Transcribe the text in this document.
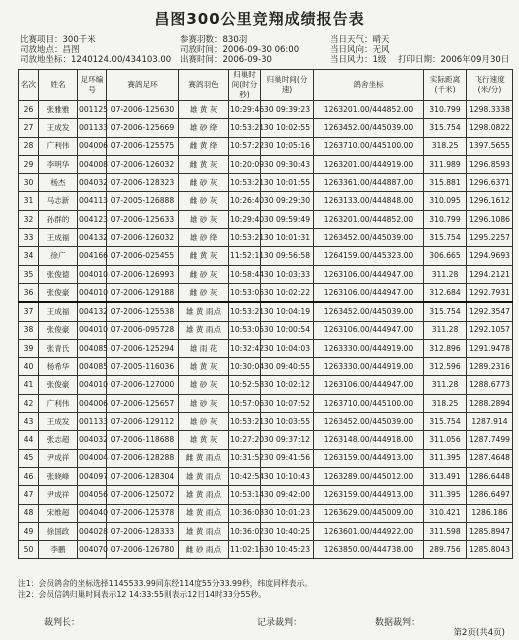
昌图300公里竞翔成绩报告表
比赛项目：300千米
司放地点：昌图
司放地坐标：1240124.00/434103.00
参赛羽数：830羽
司放时间：2006-09-30 06:00
出赛时间：2006-09-30
当日天气：晴天
当日风向：无风
当日风力：1级 打印日期：2006年09月30日
名次	姓名	足环编号	赛鸽足环	赛鸽羽色	归巢时间(时分秒)	归巢时间(分速)	鸽舍坐标	实际距离(千米)	飞行速度(米/分)
26	张雅雅	001125	07-2006-125630	雄 黄 灰	10:29:46	30 09:39:23	1263201.00/444852.00	310.799	1298.3338
27	王成发	001133	07-2006-125669	雄 砂 绛	10:53:21	30 10:02:55	1263452.00/445039.00	315.754	1298.0822
28	广利伟	004006	07-2006-125575	雌 黄 绛	10:57:22	30 10:05:16	1263710.00/445100.00	318.25	1397.5655
29	李明华	004008	07-2006-126032	雌 黄 灰	10:20:09	30 09:30:43	1263201.00/444919.00	311.989	1296.8593
30	杨杰	004032	07-2006-128323	雌 砂 灰	10:53:21	30 10:01:55	1263361.00/444887.00	315.881	1296.6371
31	马志新	004113	07-2005-126888	雌 砂 灰	10:26:40	30 09:29:30	1263133.00/444848.00	310.095	1296.1612
32	孙群的	004123	07-2006-125633	雄 砂 灰	10:29:40	30 09:59:49	1263201.00/444852.00	310.799	1296.1086
33	王成福	004132	07-2006-126032	雄 砂 绛	10:53:21	30 10:01:31	1263452.00/445039.00	315.754	1295.2257
34	徐广	004166	07-2006-025455	雌 黄 灰	11:52:11	30 09:56:58	1264159.00/445323.00	306.665	1294.9693
35	张俊德	004010	07-2006-126993	雌 砂 灰	10:58:44	30 10:03:33	1263106.00/444947.00	311.28	1294.2121
36	张俊豪	004010	07-2006-129188	雌 砂 灰	10:53:05	30 10:02:22	1263106.00/444947.00	312.684	1292.7931
37	王成福	004132	07-2006-125538	雄 黄 雨点	10:53:21	30 10:04:19	1263452.00/445039.00	315.754	1292.3547
38	张俊豪	004010	07-2006-095728	雄 黄 雨点	10:53:05	30 10:00:54	1263106.00/444947.00	311.28	1292.1057
39	张青氏	004085	07-2006-125294	雄 雨 花	10:32:42	30 10:04:03	1263330.00/444919.00	312.896	1291.9478
40	杨希华	004085	07-2005-116036	雄 黄 灰	10:30:04	30 09:40:55	1263330.00/444919.00	312.596	1289.2316
41	张俊豪	004010	07-2006-127000	雄 砂 灰	10:52:58	30 10:02:12	1263106.00/444947.00	311.28	1288.6773
42	广利伟	004006	07-2006-125657	雄 砂 灰	10:57:06	30 10:07:52	1263710.00/445100.00	318.25	1288.2894
43	王成发	001133	07-2006-129112	雄 砂 灰	10:53:21	30 10:03:55	1263452.00/445039.00	315.754	1287.914
44	张志超	004032	07-2006-118688	雄 黄 灰	10:27:20	30 09:37:12	1263148.00/444918.00	311.056	1287.7499
45	尹成祥	004004	07-2006-128288	雌 黄 雨点	10:31:52	30 09:41:56	1263159.00/444913.00	311.395	1287.4648
46	张晓峰	004097	07-2006-128304	雄 黄 雨点	10:42:54	30 10:10:43	1263289.00/445012.00	313.491	1286.6448
47	尹成祥	004056	07-2006-125072	雄 黄 雨点	10:53:14	30 09:42:00	1263159.00/444913.00	311.395	1286.6497
48	宋维超	004040	07-2006-125378	雄 黄 雨点	10:36:03	30 10:01:23	1263629.00/445009.00	310.421	1286.186
49	徐国政	004028	07-2006-128333	雄 黄 雨点	10:36:02	30 10:40:25	1263601.00/444922.00	311.598	1285.8947
50	李鹏	004070	07-2006-126780	雌 砂 雨点	11:02:16	30 10:45:23	1263850.00/444738.00	289.756	1285.8043
注1：会员鸽舍的坐标选择1145533.99同东经114度55分33.99秒，纬度同样表示。
注2：会员信鸽归巢时间表示12 14:33:55则表示12日14时33分55秒。
裁判长：	记录裁判：	数据裁判：
第2页(共4页)
